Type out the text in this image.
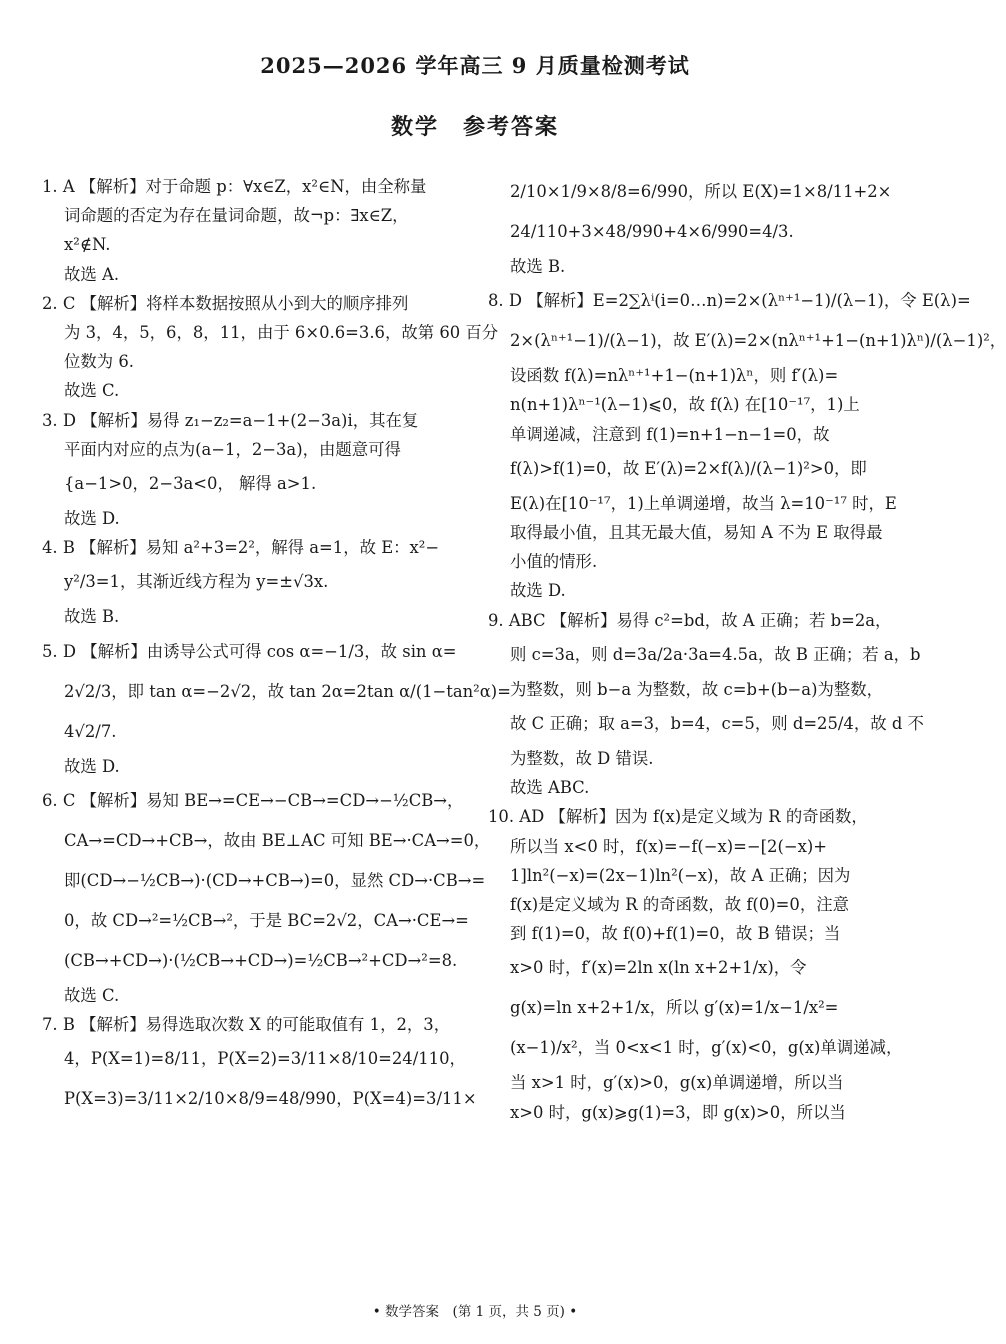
2025—2026 学年高三 9 月质量检测考试
数学　参考答案
1. A 【解析】对于命题 p：∀x∈Z，x²∈N，由全称量
词命题的否定为存在量词命题，故¬p：∃x∈Z，
x²∉N.
故选 A.
2. C 【解析】将样本数据按照从小到大的顺序排列
为 3，4，5，6，8，11，由于 6×0.6=3.6，故第 60 百分
位数为 6.
故选 C.
3. D 【解析】易得 z₁−z₂=a−1+(2−3a)i，其在复
平面内对应的点为(a−1，2−3a)，由题意可得
{a−1>0，2−3a<0， 解得 a>1.
故选 D.
4. B 【解析】易知 a²+3=2²，解得 a=1，故 E：x²−
y²/3=1，其渐近线方程为 y=±√3x.
故选 B.
5. D 【解析】由诱导公式可得 cos α=−1/3，故 sin α=
2√2/3，即 tan α=−2√2，故 tan 2α=2tan α/(1−tan²α)=
4√2/7.
故选 D.
6. C 【解析】易知 BE→=CE→−CB→=CD→−½CB→，
CA→=CD→+CB→，故由 BE⊥AC 可知 BE→·CA→=0，
即(CD→−½CB→)·(CD→+CB→)=0，显然 CD→·CB→=
0，故 CD→²=½CB→²，于是 BC=2√2，CA→·CE→=
(CB→+CD→)·(½CB→+CD→)=½CB→²+CD→²=8.
故选 C.
7. B 【解析】易得选取次数 X 的可能取值有 1，2，3，
4，P(X=1)=8/11，P(X=2)=3/11×8/10=24/110，
P(X=3)=3/11×2/10×8/9=48/990，P(X=4)=3/11×
2/10×1/9×8/8=6/990，所以 E(X)=1×8/11+2×
24/110+3×48/990+4×6/990=4/3.
故选 B.
8. D 【解析】E=2∑λⁱ(i=0…n)=2×(λⁿ⁺¹−1)/(λ−1)，令 E(λ)=
2×(λⁿ⁺¹−1)/(λ−1)，故 E′(λ)=2×(nλⁿ⁺¹+1−(n+1)λⁿ)/(λ−1)²，
设函数 f(λ)=nλⁿ⁺¹+1−(n+1)λⁿ，则 f′(λ)=
n(n+1)λⁿ⁻¹(λ−1)⩽0，故 f(λ) 在[10⁻¹⁷，1)上
单调递减，注意到 f(1)=n+1−n−1=0，故
f(λ)>f(1)=0，故 E′(λ)=2×f(λ)/(λ−1)²>0，即
E(λ)在[10⁻¹⁷，1)上单调递增，故当 λ=10⁻¹⁷ 时，E
取得最小值，且其无最大值，易知 A 不为 E 取得最
小值的情形.
故选 D.
9. ABC 【解析】易得 c²=bd，故 A 正确；若 b=2a，
则 c=3a，则 d=3a/2a·3a=4.5a，故 B 正确；若 a，b
为整数，则 b−a 为整数，故 c=b+(b−a)为整数，
故 C 正确；取 a=3，b=4，c=5，则 d=25/4，故 d 不
为整数，故 D 错误.
故选 ABC.
10. AD 【解析】因为 f(x)是定义域为 R 的奇函数，
所以当 x<0 时，f(x)=−f(−x)=−[2(−x)+
1]ln²(−x)=(2x−1)ln²(−x)，故 A 正确；因为
f(x)是定义域为 R 的奇函数，故 f(0)=0，注意
到 f(1)=0，故 f(0)+f(1)=0，故 B 错误；当
x>0 时，f′(x)=2ln x(ln x+2+1/x)，令
g(x)=ln x+2+1/x，所以 g′(x)=1/x−1/x²=
(x−1)/x²，当 0<x<1 时，g′(x)<0，g(x)单调递减，
当 x>1 时，g′(x)>0，g(x)单调递增，所以当
x>0 时，g(x)⩾g(1)=3，即 g(x)>0，所以当
• 数学答案　(第 1 页，共 5 页) •
